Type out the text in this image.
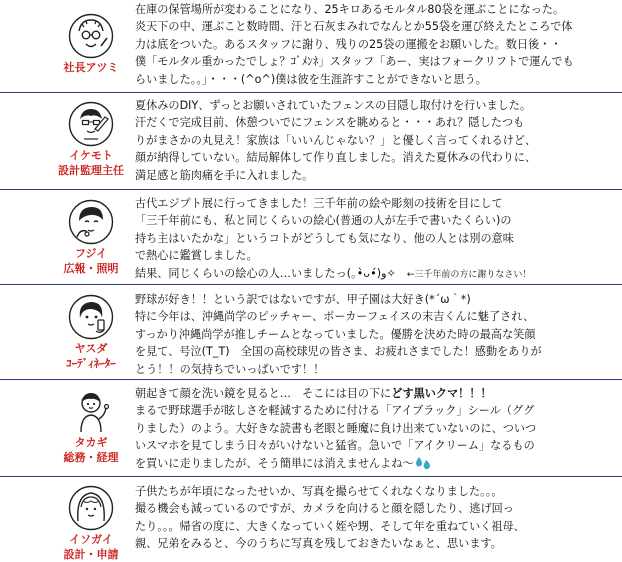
社長アツミ

在庫の保管場所が変わることになり、25キロあるモルタル80袋を運ぶことになった。

炎天下の中、運ぶこと数時間、汗と石灰まみれでなんとか55袋を運び終えたところで体

力は底をついた。あるスタッフに謝り、残りの25袋の運搬をお願いした。数日後・・

僕「モルタル重かったでしょ？ｺﾞﾒﾝﾈ」スタッフ「あー、実はフォークリフトで運んでも

らいました。。」・・・(^o^)僕は彼を生涯許すことができないと思う。

イケモト
設計監理主任

夏休みのDIY、ずっとお願いされていたフェンスの目隠し取付けを行いました。

汗だくで完成目前、休憩ついでにフェンスを眺めると・・・あれ？隠したつも

りがまさかの丸見え！家族は「いいんじゃない？」と優しく言ってくれるけど、

顔が納得していない。結局解体して作り直しました。消えた夏休みの代わりに、

満足感と筋肉痛を手に入れました。

フジイ
広報・照明

古代エジプト展に行ってきました！三千年前の絵や彫刻の技術を目にして

「三千年前にも、私と同じくらいの絵心(普通の人が左手で書いたくらい)の

持ち主はいたかな」というコトがどうしても気になり、他の人とは別の意味

で熱心に鑑賞しました。

結果、同じくらいの絵心の人…いましたっ(｡•̀ᴗ•́)و✧　 ←三千年前の方に謝りなさい！

ヤスダ
ｺｰﾃﾞｨﾈｰﾀｰ

野球が好き！！という訳ではないですが、甲子園は大好き(*´ω｀*)

特に今年は、沖縄尚学のピッチャー、ポーカーフェイスの末吉くんに魅了され、

すっかり沖縄尚学が推しチームとなっていました。優勝を決めた時の最高な笑顔

を見て、号泣(T_T)　全国の高校球児の皆さま、お疲れさまでした！感動をありが

とう！！の気持ちでいっぱいです！！

タカギ
総務・経理

朝起きて顔を洗い鏡を見ると…　そこには目の下にどす黒いクマ！！！

まるで野球選手が眩しさを軽減するために付ける「アイブラック」シール（ググ

りました）のよう。大好きな読書も老眼と睡魔に負け出来ていないのに、ついつ

いスマホを見てしまう日々がいけないと猛省。急いで「アイクリーム」なるもの

を買いに走りましたが、そう簡単には消えませんよね～

イソガイ
設計・申請

子供たちが年頃になったせいか、写真を撮らせてくれなくなりました。。。

撮る機会も減っているのですが、カメラを向けると顔を隠したり、逃げ回っ

たり。。。帰省の度に、大きくなっていく姪や甥、そして年を重ねていく祖母、

親、兄弟をみると、今のうちに写真を残しておきたいなぁと、思います。
